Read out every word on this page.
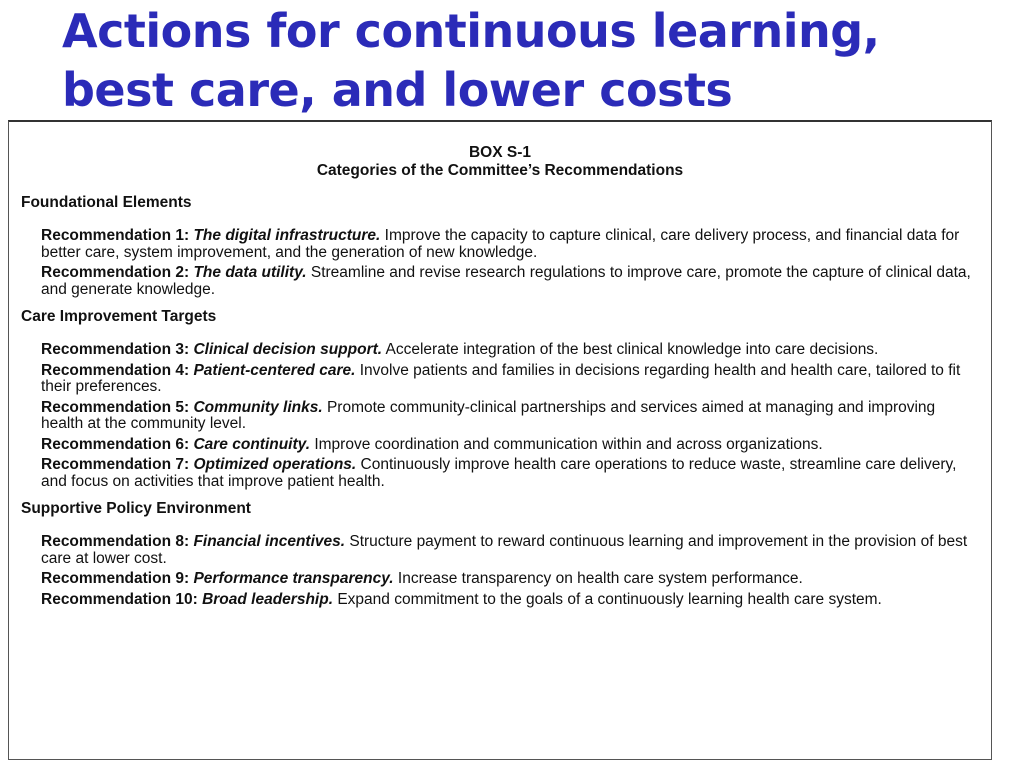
Actions for continuous learning,
best care, and lower costs
BOX S-1
Categories of the Committee’s Recommendations
Foundational Elements
Recommendation 1: The digital infrastructure. Improve the capacity to capture clinical, care delivery process, and financial data for better care, system improvement, and the generation of new knowledge.
Recommendation 2: The data utility. Streamline and revise research regulations to improve care, promote the capture of clinical data, and generate knowledge.
Care Improvement Targets
Recommendation 3: Clinical decision support. Accelerate integration of the best clinical knowledge into care decisions.
Recommendation 4: Patient-centered care. Involve patients and families in decisions regarding health and health care, tailored to fit their preferences.
Recommendation 5: Community links. Promote community-clinical partnerships and services aimed at managing and improving health at the community level.
Recommendation 6: Care continuity. Improve coordination and communication within and across organizations.
Recommendation 7: Optimized operations. Continuously improve health care operations to reduce waste, streamline care delivery, and focus on activities that improve patient health.
Supportive Policy Environment
Recommendation 8: Financial incentives. Structure payment to reward continuous learning and improvement in the provision of best care at lower cost.
Recommendation 9: Performance transparency. Increase transparency on health care system performance.
Recommendation 10: Broad leadership. Expand commitment to the goals of a continuously learning health care system.
